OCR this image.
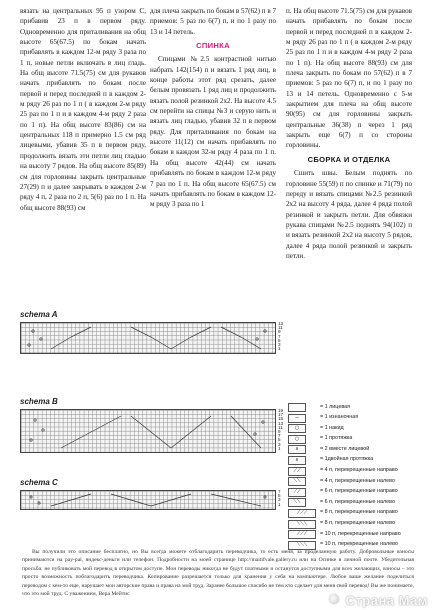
вязать на центральных 95 п узором С, прибавив 23 п в первом ряду. Одновременно для приталивания на общ высоте 65(67.5) по бокам начать прибавлять в каждом 12-м ряду 3 раза по 1 п, новые петли включать в лиц гладь. На общ высоте 71.5(75) см для рукавов начать прибавлять по бокам после первой и перед последней п в каждом 2-м ряду 26 раз по 1 п ( в каждом 2-м ряду 25 раз по 1 п и в каждом 4-м ряду 2 раза по 1 п). На общ высоте 83(86) см на центральных 118 п примерно 1.5 см ряд лицевыми, убавив 35 п в первом ряду, продолжить вязать эти петли лиц гладью на высоту 7 рядов. На общ высоте 85(89) см для горловины закрыть центральные 27(29) п и далее закрывать в каждом 2-м ряду 4 п, 2 раза по 2 п, 5(6) раз по 1 п. На общ высоте 88(93) см

для плеча закрыть по бокам в 57(62) п в 7 приемов: 5 раз по 6(7) п, и по 1 разу по 13 и 14 петель.

СПИНКА

Спицами №2.5 контрастной нитью набрать 142(154) п и вязать 1 ряд лиц, в конце работы этот ряд срезать, далее белым провязать 1 ряд лиц и продолжить вязать полой резинкой 2х2. На высоте 4.5 см перейти на спицы №3 и серую нить и вязать лиц гладью, убавив 32 п в первом ряду. Для приталивания по бокам на высоте 11(12) см начать прибавлять по бокам в каждом 32-м ряду 4 раза по 1 п. На общ высоте 42(44) см начать прибавлять по бокам в каждом 12-м ряду 7 раз по 1 п. На общ высоте 65(67.5) см начать прибавлять по бокам в каждом 12-м ряду 3 раза по 1

п. На общ высоте 71.5(75) см для рукавов начать прибавлять по бокам после первой и перед последней п в каждом 2-м ряду 26 раз по 1 п ( в каждом 2-м ряду 25 раз по 1 п и в каждом 4-м ряду 2 раза по 1 п). На общ высоте 88(93) см для плеча закрыть по бокам по 57(62) п в 7 приемов: 5 раз по 6(7) п, и по 1 разу по 13 и 14 петель. Одновременно с 5-м закрытием для плеча на общ высоте 90(95) см для горловины закрыть центральные 36(38) п через 1 ряд закрыть еще 6(7) п со стороны горловины.

СБОРКА И ОТДЕЛКА

Сшить швы. Белым поднять по горловине 55(59) п по спинке и 71(79) по переду и вязать спицами №2.5 резинкой 2х2 на высоту 4 ряда, далее 4 ряда полой резинкой и закрыть петли. Для обвязки рукава спицами №2.5 поднять 94(102) п и вязать резинкой 2х2 на высоту 5 рядов, далее 4 ряда полой резинкой и закрыть петли.

schema A
13
11
9
7
5
3
1
schema B
19
17
15
13
11
9
7
5
3
1
schema C
7
5
3
1
= 1 лицевая
−	= 1 изнаночная
○	= 1 накид
○	= 1 протяжка
∧	= 2 вместе лицевой
∧	= 1двойная протяжка
⟋⟋	= 4 п, перекрещенные направо
⟍⟍	= 4 п, перекрещенные налево
⟋⟋	= 6 п, перекрещенные направо
⟍⟍	= 6 п, перекрещенные налево
⟋⟋⟋	= 8 п, перекрещенные направо
⟍⟍⟍	= 8 п, перекрещенные налево
⟋⟋⟋	= 10 п, перекрещенные направо
⟍⟍⟍	= 10 п, перекрещенные налево

Вы получили это описание бесплатно, но Вы всегда можете отблагодарить переводчика, то есть меня, за проделанную работу. Добровольные взносы принимаются на pay-pal, яндекс-деньги или телефон. Подробности на моей странице http://maitifvale.gallery.ru или на Осинке в личной почте. Убедительная просьба: не публиковать мой перевод в открытом доступе. Мои переводы никогда не будут платными и останутся доступными для всех желающих, взносы – это просто возможность поблагодарить переводчика. Копирование разрешается только для хранения у себя на компьютере. Любое ваше желание поделиться переводом с кем-то еще, нарушает мои авторские права и права на мой труд. Заранее большое спасибо не тем кто сделает для меня свой перевод! Вы же понимаете, что это мой труд. С уважением, Вера Мейтис	Страна Мам
